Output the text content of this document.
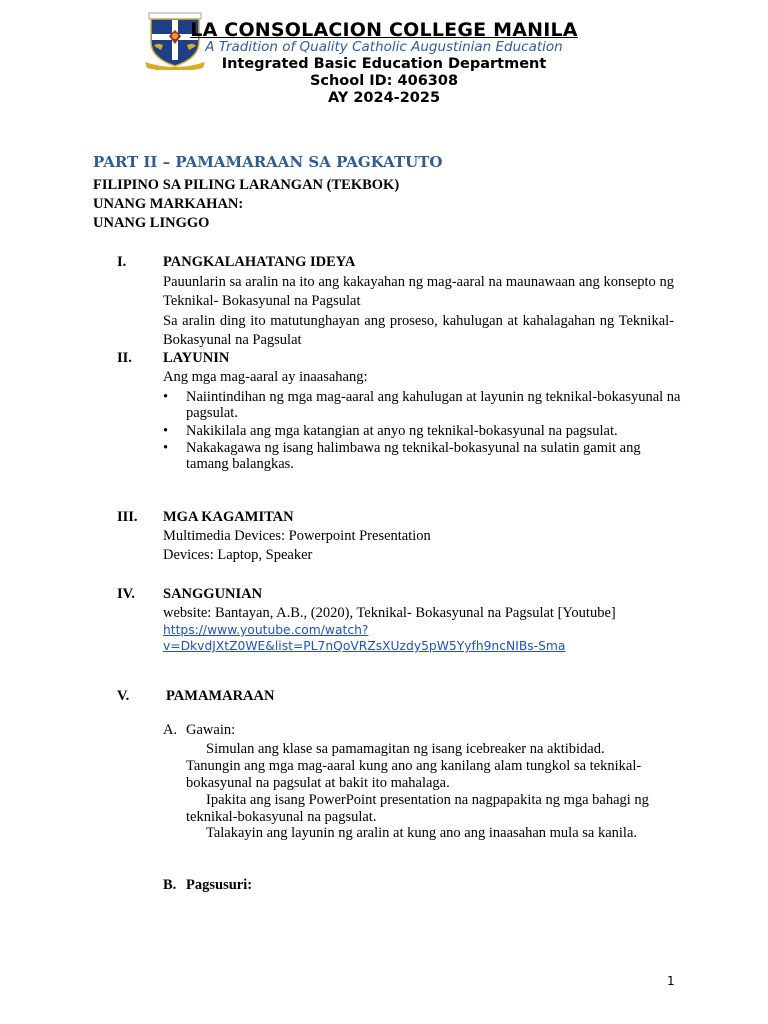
LA CONSOLACION COLLEGE MANILA
A Tradition of Quality Catholic Augustinian Education
Integrated Basic Education Department
School ID: 406308
AY 2024-2025
PART II – PAMAMARAAN SA PAGKATUTO
FILIPINO SA PILING LARANGAN (TEKBOK)
UNANG MARKAHAN:
UNANG LINGGO
I.	PANGKALAHATANG IDEYA
Pauunlarin sa aralin na ito ang kakayahan ng mag-aaral na maunawaan ang konsepto ng Teknikal- Bokasyunal na Pagsulat
Sa aralin ding ito matutunghayan ang proseso, kahulugan at kahalagahan ng Teknikal- Bokasyunal na Pagsulat
II. LAYUNIN
Ang mga mag-aaral ay inaasahang:
•	Naiintindihan ng mga mag-aaral ang kahulugan at layunin ng teknikal-bokasyunal na pagsulat.
•	Nakikilala ang mga katangian at anyo ng teknikal-bokasyunal na pagsulat.
•	Nakakagawa ng isang halimbawa ng teknikal-bokasyunal na sulatin gamit ang tamang balangkas.
III. MGA KAGAMITAN
Multimedia Devices: Powerpoint Presentation
Devices: Laptop, Speaker
IV. SANGGUNIAN
website: Bantayan, A.B., (2020), Teknikal- Bokasyunal na Pagsulat [Youtube]
https://www.youtube.com/watch?
v=DkvdJXtZ0WE&list=PL7nQoVRZsXUzdy5pW5Yyfh9ncNIBs-Sma
V.	PAMAMARAAN
A. Gawain:
Simulan ang klase sa pamamagitan ng isang icebreaker na aktibidad.
Tanungin ang mga mag-aaral kung ano ang kanilang alam tungkol sa teknikal-bokasyunal na pagsulat at bakit ito mahalaga.
Ipakita ang isang PowerPoint presentation na nagpapakita ng mga bahagi ng teknikal-bokasyunal na pagsulat.
Talakayin ang layunin ng aralin at kung ano ang inaasahan mula sa kanila.
B. Pagsusuri:
1
